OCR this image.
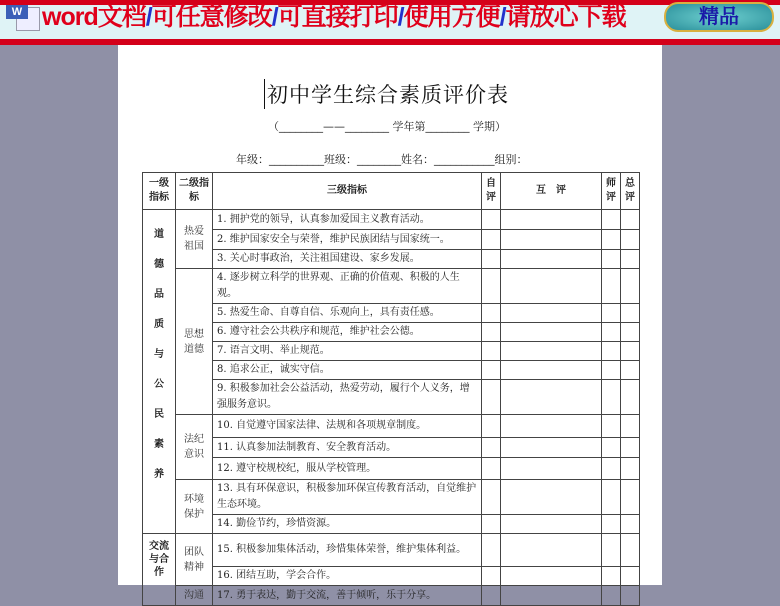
W word文档/可任意修改/可直接打印/使用方便/请放心下载	精品
初中学生综合素质评价表
（________——________ 学年第________ 学期）
年级：__________班级：________姓名：___________组别：
一级指标	二级指标	三级指标	自评	互　评	师评	总评
道德品质与公民素养	热爱祖国	1. 拥护党的领导，认真参加爱国主义教育活动。				
		2. 维护国家安全与荣誉，维护民族团结与国家统一。				
		3. 关心时事政治，关注祖国建设、家乡发展。				
	思想道德	4. 逐步树立科学的世界观、正确的价值观、积极的人生观。				
		5. 热爱生命、自尊自信、乐观向上，具有责任感。				
		6. 遵守社会公共秩序和规范，维护社会公德。				
		7. 语言文明、举止规范。				
		8. 追求公正，诚实守信。				
		9. 积极参加社会公益活动，热爱劳动，履行个人义务，增强服务意识。				
	法纪意识	10. 自觉遵守国家法律、法规和各项规章制度。				
		11. 认真参加法制教育、安全教育活动。				
		12. 遵守校规校纪，服从学校管理。				
	环境保护	13. 具有环保意识，积极参加环保宣传教育活动，自觉维护生态环境。				
		14. 勤俭节约，珍惜资源。				
交流与合作	团队精神	15. 积极参加集体活动，珍惜集体荣誉，维护集体利益。				
		16. 团结互助，学会合作。				
	沟通	17. 勇于表达，勤于交流，善于倾听，乐于分享。				
